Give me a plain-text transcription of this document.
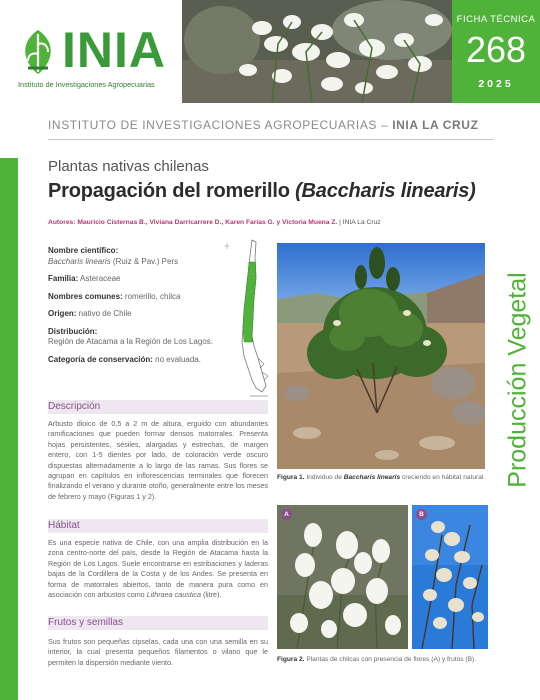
INIA
Instituto de Investigaciones Agropecuarias
FICHA TÉCNICA
268
2025
INSTITUTO DE INVESTIGACIONES AGROPECUARIAS – INIA LA CRUZ
Producción Vegetal
Plantas nativas chilenas
Propagación del romerillo (Baccharis linearis)
Autores: Mauricio Cisternas B., Viviana Darricarrere D., Karen Farías G. y Victoria Muena Z. | INIA La Cruz
Nombre científico:
Baccharis linearis (Ruiz & Pav.) Pers
Familia: Asteraceae
Nombres comunes: romerillo, chilca
Origen: nativo de Chile
Distribución:
Región de Atacama a la Región de Los Lagos.
Categoría de conservación: no evaluada.
Descripción
Arbusto dioico de 0,5 a 2 m de altura, erguido con abundantes ramificaciones que pueden formar densos matorrales. Presenta hojas persistentes, sésiles, alargadas y estrechas, de margen entero, con 1-5 dientes por lado, de coloración verde oscuro dispuestas alternadamente a lo largo de las ramas. Sus flores se agrupan en capítulos en inflorescencias terminales que florecen finalizando el verano y durante otoño, generalmente entre los meses de febrero y mayo (Figuras 1 y 2).
Hábitat
Es una especie nativa de Chile, con una amplia distribución en la zona centro-norte del país, desde la Región de Atacama hasta la Región de Los Lagos. Suele encontrarse en estribaciones y laderas bajas de la Cordillera de la Costa y de los Andes. Se presenta en forma de matorrales abiertos, tanto de manera pura como en asociación con arbustos como Lithraea caustica (litre).
Frutos y semillas
Sus frutos son pequeñas cipselas, cada una con una semilla en su interior, la cual presenta pequeños filamentos o vilano que le permiten la dispersión mediante viento.
Figura 1. Individuo de Baccharis linearis creciendo en hábitat natural.
A	B
Figura 2. Plantas de chilcas con presencia de flores (A) y frutos (B).
